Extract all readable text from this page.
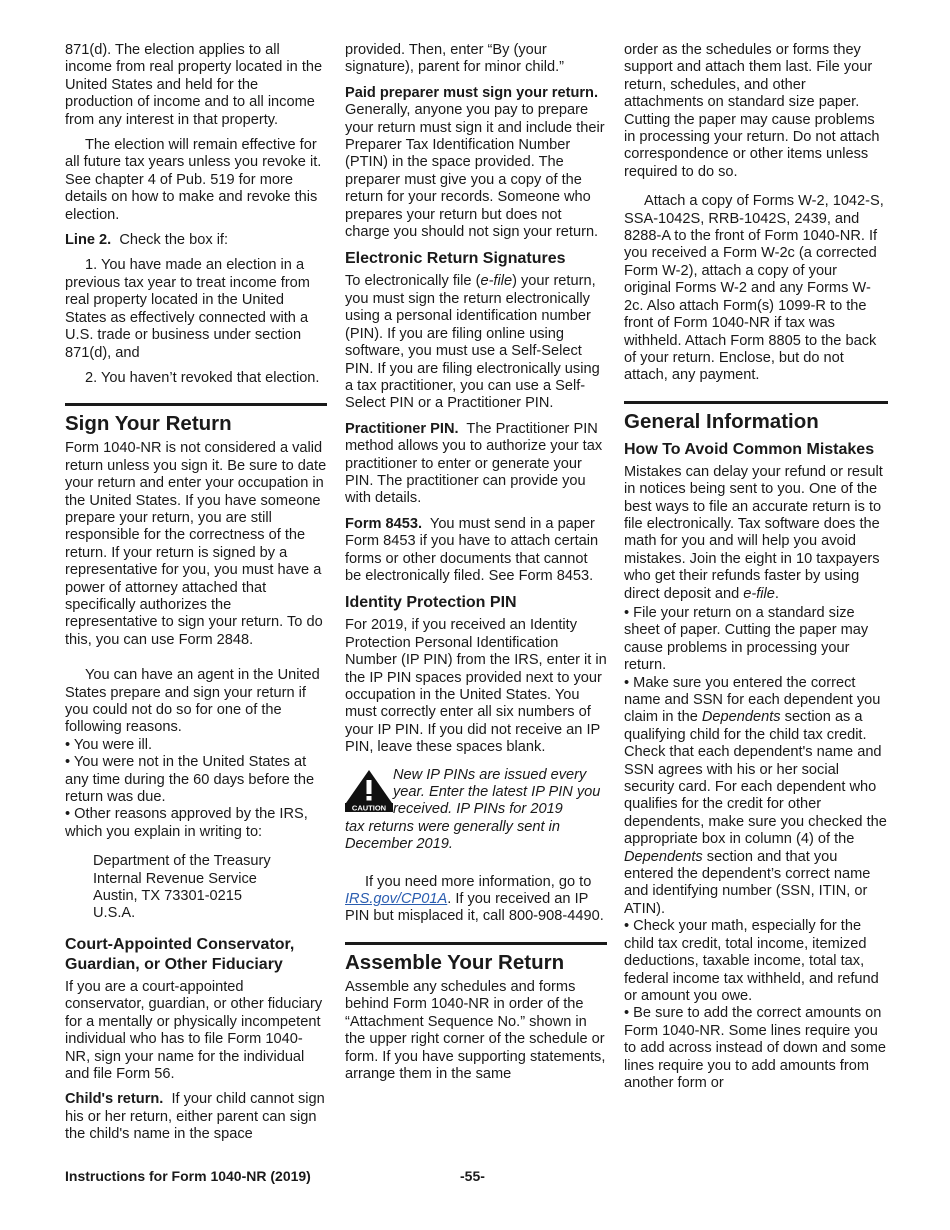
871(d). The election applies to all income from real property located in the United States and held for the production of income and to all income from any interest in that property.

The election will remain effective for all future tax years unless you revoke it. See chapter 4 of Pub. 519 for more details on how to make and revoke this election.

Line 2. Check the box if:

1. You have made an election in a previous tax year to treat income from real property located in the United States as effectively connected with a U.S. trade or business under section 871(d), and

2. You haven’t revoked that election.

Sign Your Return

Form 1040-NR is not considered a valid return unless you sign it. Be sure to date your return and enter your occupation in the United States. If you have someone prepare your return, you are still responsible for the correctness of the return. If your return is signed by a representative for you, you must have a power of attorney attached that specifically authorizes the representative to sign your return. To do this, you can use Form 2848.

You can have an agent in the United States prepare and sign your return if you could not do so for one of the following reasons.

• You were ill.
• You were not in the United States at any time during the 60 days before the return was due.
• Other reasons approved by the IRS, which you explain in writing to:
Department of the Treasury
Internal Revenue Service
Austin, TX 73301-0215
U.S.A.
Court-Appointed Conservator, Guardian, or Other Fiduciary

If you are a court-appointed conservator, guardian, or other fiduciary for a mentally or physically incompetent individual who has to file Form 1040-NR, sign your name for the individual and file Form 56.

Child's return. If your child cannot sign his or her return, either parent can sign the child's name in the space

provided. Then, enter “By (your signature), parent for minor child.”

Paid preparer must sign your return.  Generally, anyone you pay to prepare your return must sign it and include their Preparer Tax Identification Number (PTIN) in the space provided. The preparer must give you a copy of the return for your records. Someone who prepares your return but does not charge you should not sign your return.

Electronic Return Signatures

To electronically file (e-file) your return, you must sign the return electronically using a personal identification number (PIN). If you are filing online using software, you must use a Self-Select PIN. If you are filing electronically using a tax practitioner, you can use a Self-Select PIN or a Practitioner PIN.

Practitioner PIN. The Practitioner PIN method allows you to authorize your tax practitioner to enter or generate your PIN. The practitioner can provide you with details.

Form 8453. You must send in a paper Form 8453 if you have to attach certain forms or other documents that cannot be electronically filed. See Form 8453.

Identity Protection PIN

For 2019, if you received an Identity Protection Personal Identification Number (IP PIN) from the IRS, enter it in the IP PIN spaces provided next to your occupation in the United States. You must correctly enter all six numbers of your IP PIN. If you did not receive an IP PIN, leave these spaces blank.

CAUTION
New IP PINs are issued every year. Enter the latest IP PIN you received. IP PINs for 2019
tax returns were generally sent in December 2019.

If you need more information, go to IRS.gov/CP01A. If you received an IP PIN but misplaced it, call 800-908-4490.

Assemble Your Return

Assemble any schedules and forms behind Form 1040-NR in order of the “Attachment Sequence No.” shown in the upper right corner of the schedule or form. If you have supporting statements, arrange them in the same

order as the schedules or forms they support and attach them last. File your return, schedules, and other attachments on standard size paper. Cutting the paper may cause problems in processing your return. Do not attach correspondence or other items unless required to do so.

Attach a copy of Forms W-2, 1042-S, SSA-1042S, RRB-1042S, 2439, and 8288-A to the front of Form 1040-NR. If you received a Form W-2c (a corrected Form W-2), attach a copy of your original Forms W-2 and any Forms W-2c. Also attach Form(s) 1099-R to the front of Form 1040-NR if tax was withheld. Attach Form 8805 to the back of your return. Enclose, but do not attach, any payment.

General Information
How To Avoid Common Mistakes

Mistakes can delay your refund or result in notices being sent to you. One of the best ways to file an accurate return is to file electronically. Tax software does the math for you and will help you avoid mistakes. Join the eight in 10 taxpayers who get their refunds faster by using direct deposit and e-file.

• File your return on a standard size sheet of paper. Cutting the paper may cause problems in processing your return.
• Make sure you entered the correct name and SSN for each dependent you claim in the Dependents section as a qualifying child for the child tax credit. Check that each dependent's name and SSN agrees with his or her social security card. For each dependent who qualifies for the credit for other dependents, make sure you checked the appropriate box in column (4) of the Dependents section and that you entered the dependent’s correct name and identifying number (SSN, ITIN, or ATIN).
• Check your math, especially for the child tax credit, total income, itemized deductions, taxable income, total tax, federal income tax withheld, and refund or amount you owe.
• Be sure to add the correct amounts on Form 1040-NR. Some lines require you to add across instead of down and some lines require you to add amounts from another form or
Instructions for Form 1040-NR (2019)	-55-
